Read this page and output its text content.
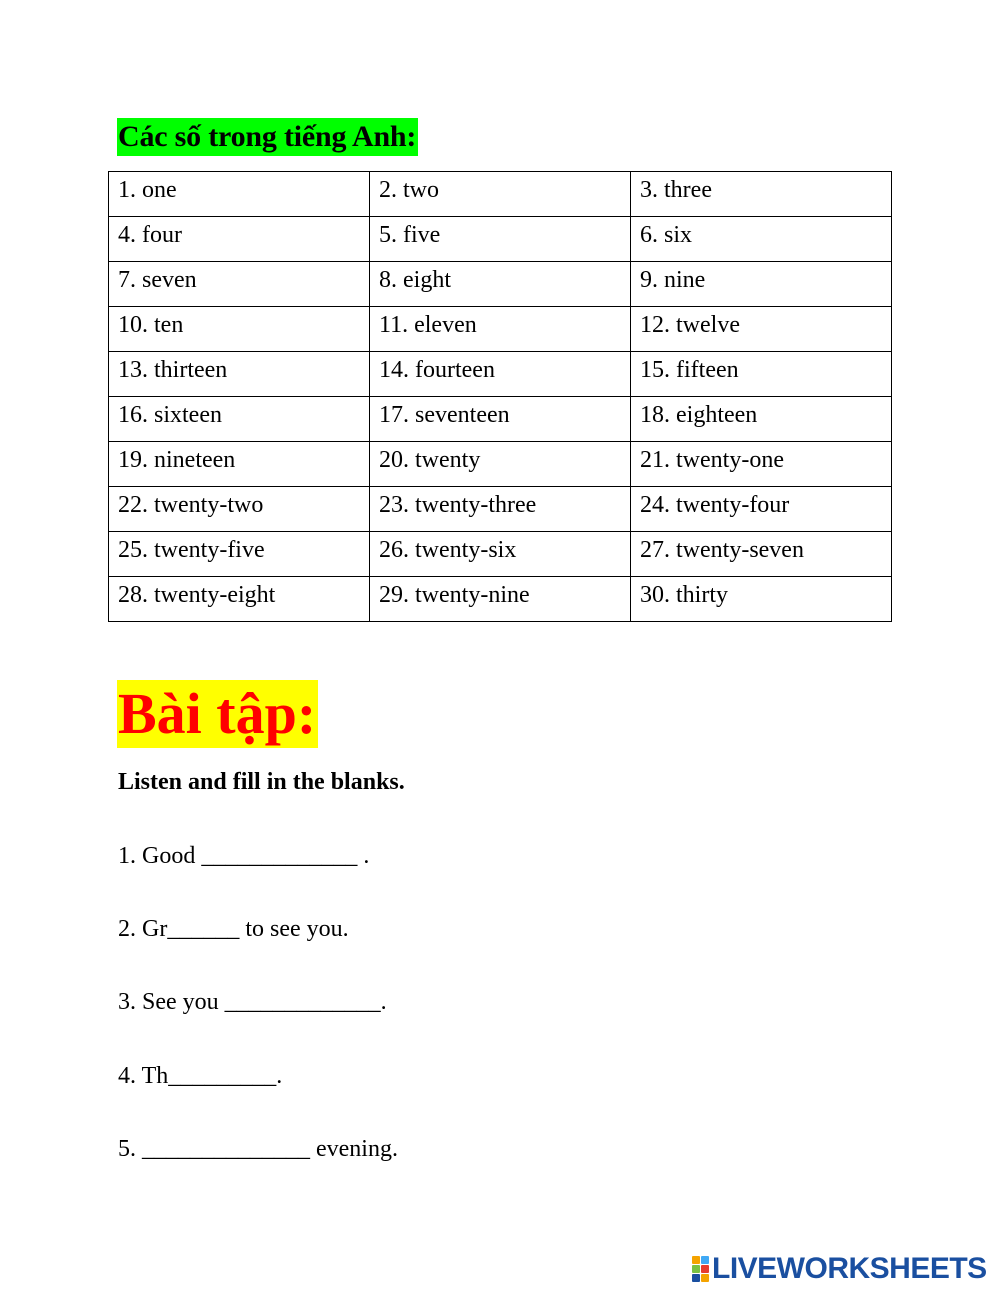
Các số trong tiếng Anh:
1. one	2. two	3. three
4. four	5. five	6. six
7. seven	8. eight	9. nine
10. ten	11. eleven	12. twelve
13. thirteen	14. fourteen	15. fifteen
16. sixteen	17. seventeen	18. eighteen
19. nineteen	20. twenty	21. twenty-one
22. twenty-two	23. twenty-three	24. twenty-four
25. twenty-five	26. twenty-six	27. twenty-seven
28. twenty-eight	29. twenty-nine	30. thirty
Bài tập:

Listen and fill in the blanks.

1. Good _____________ .

2. Gr______ to see you.

3. See you _____________.

4. Th_________.

5. ______________ evening.

LIVEWORKSHEETS
